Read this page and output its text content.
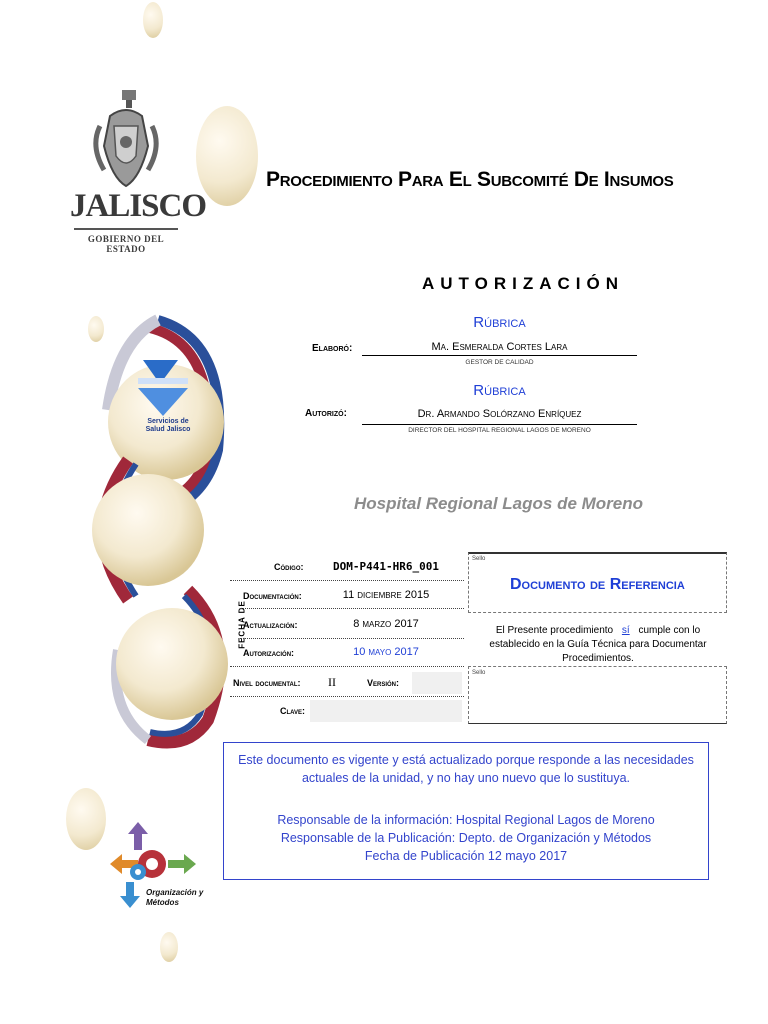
JALISCO
GOBIERNO DEL ESTADO
Procedimiento Para El Subcomité De Insumos
Servicios de Salud Jalisco
Organización y Métodos
AUTORIZACIÓN
Elaboró:
Rúbrica
Ma. Esmeralda Cortes Lara
GESTOR DE CALIDAD
Autorizó:
Rúbrica
Dr. Armando Solórzano Enríquez
DIRECTOR DEL HOSPITAL REGIONAL LAGOS DE MORENO
Hospital Regional Lagos de Moreno
Código:	DOM-P441-HR6_001
FECHA DE
Documentación:	11 diciembre 2015
Actualización:	8 marzo 2017
Autorización:	10 mayo 2017
Nivel documental: II	Versión:
Clave:
Sello
Documento de Referencia
El Presente procedimiento sí cumple con lo establecido en la Guía Técnica para Documentar Procedimientos.
Sello

Este documento es vigente y está actualizado porque responde a las necesidades actuales de la unidad, y no hay uno nuevo que lo sustituya.

Responsable de la información: Hospital Regional Lagos de Moreno

Responsable de la Publicación: Depto. de Organización y Métodos

Fecha de Publicación 12 mayo 2017
